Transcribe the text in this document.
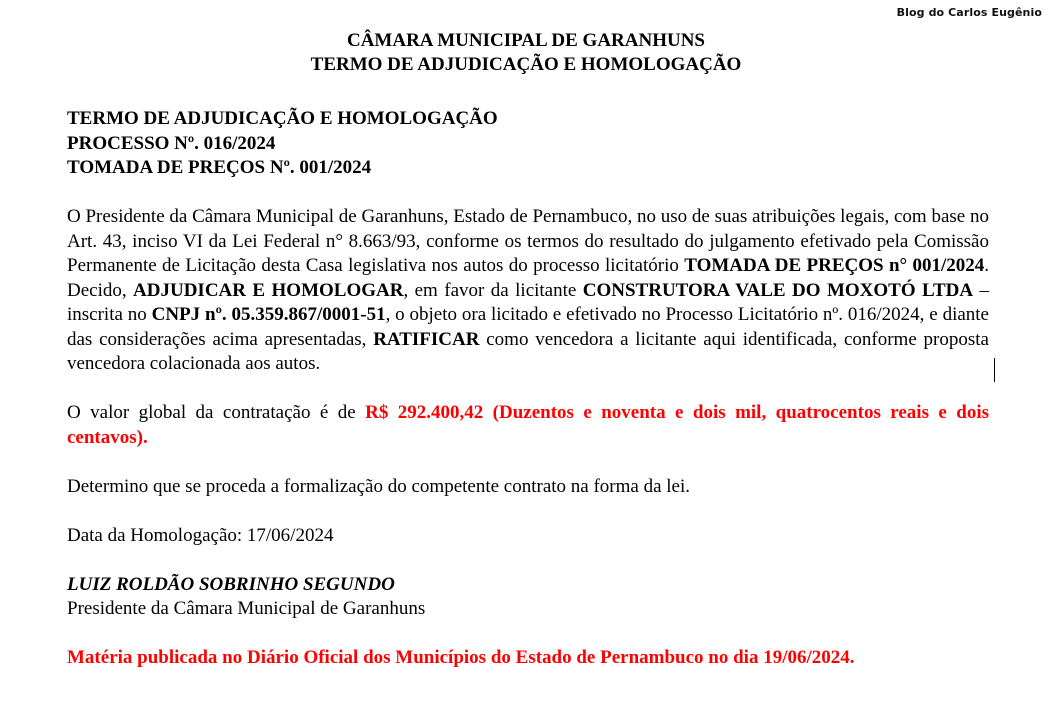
Blog do Carlos Eugênio
CÂMARA MUNICIPAL DE GARANHUNS
TERMO DE ADJUDICAÇÃO E HOMOLOGAÇÃO
TERMO DE ADJUDICAÇÃO E HOMOLOGAÇÃO
PROCESSO Nº. 016/2024
TOMADA DE PREÇOS Nº. 001/2024
O Presidente da Câmara Municipal de Garanhuns, Estado de Pernambuco, no uso de suas atribuições legais, com base no Art. 43, inciso VI da Lei Federal n° 8.663/93, conforme os termos do resultado do julgamento efetivado pela Comissão Permanente de Licitação desta Casa legislativa nos autos do processo licitatório TOMADA DE PREÇOS n° 001/2024. Decido, ADJUDICAR E HOMOLOGAR, em favor da licitante CONSTRUTORA VALE DO MOXOTÓ LTDA – inscrita no CNPJ nº. 05.359.867/0001-51, o objeto ora licitado e efetivado no Processo Licitatório nº. 016/2024, e diante das considerações acima apresentadas, RATIFICAR como vencedora a licitante aqui identificada, conforme proposta vencedora colacionada aos autos.
O valor global da contratação é de R$ 292.400,42 (Duzentos e noventa e dois mil, quatrocentos reais e dois centavos).
Determino que se proceda a formalização do competente contrato na forma da lei.
Data da Homologação: 17/06/2024
LUIZ ROLDÃO SOBRINHO SEGUNDO
Presidente da Câmara Municipal de Garanhuns
Matéria publicada no Diário Oficial dos Municípios do Estado de Pernambuco no dia 19/06/2024.
